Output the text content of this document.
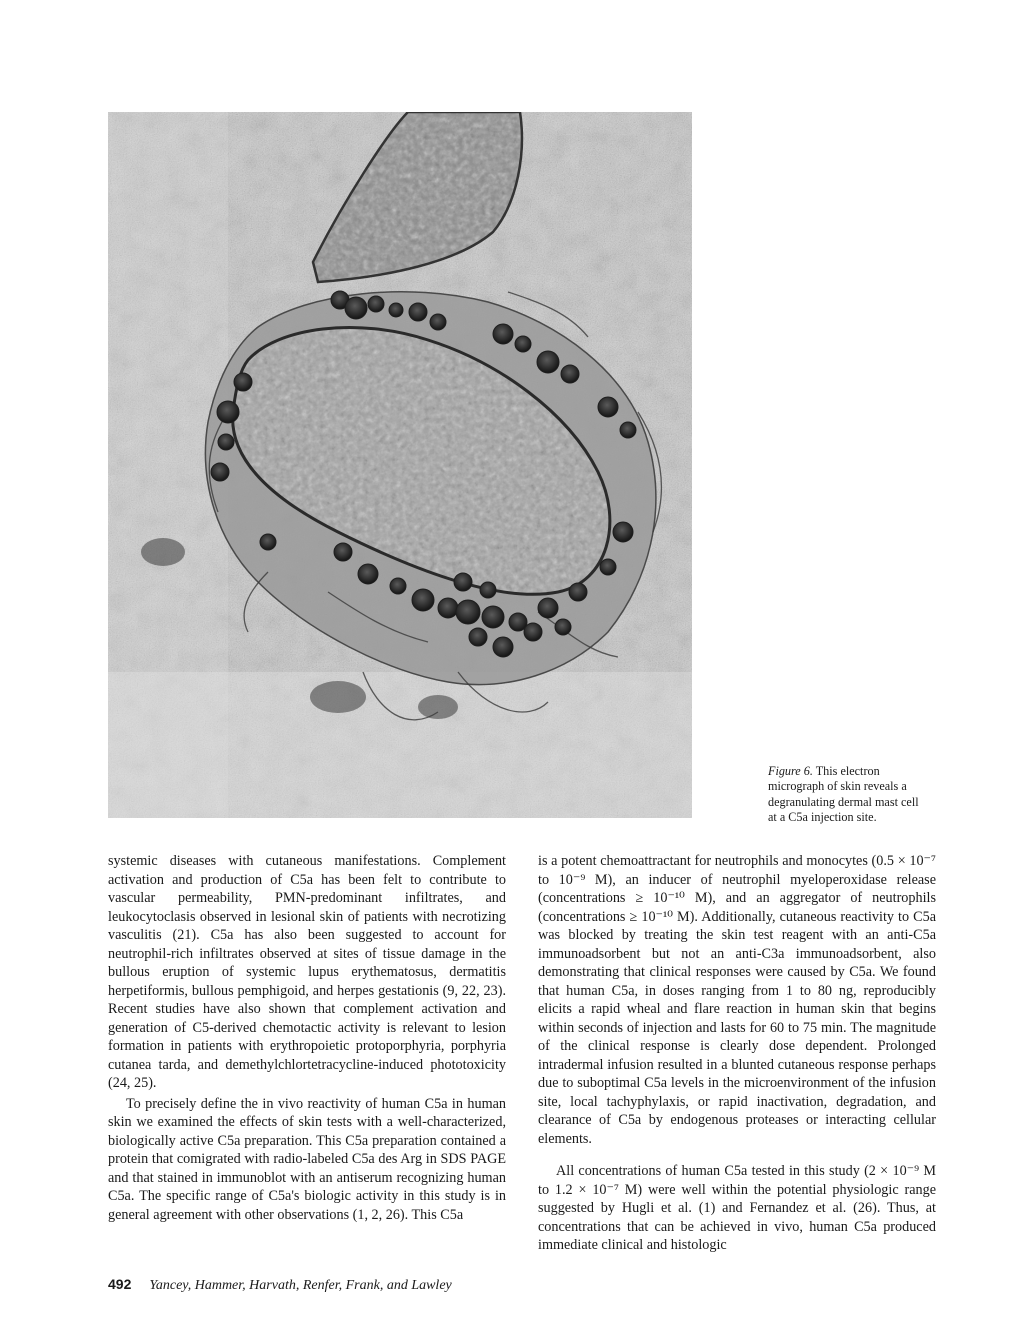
Figure 6. This electron micrograph of skin reveals a degranulating dermal mast cell at a C5a injection site.

systemic diseases with cutaneous manifestations. Complement activation and production of C5a has been felt to contribute to vascular permeability, PMN-predominant infiltrates, and leukocytoclasis observed in lesional skin of patients with necrotizing vasculitis (21). C5a has also been suggested to account for neutrophil-rich infiltrates observed at sites of tissue damage in the bullous eruption of systemic lupus erythematosus, dermatitis herpetiformis, bullous pemphigoid, and herpes gestationis (9, 22, 23). Recent studies have also shown that complement activation and generation of C5-derived chemotactic activity is relevant to lesion formation in patients with erythropoietic protoporphyria, porphyria cutanea tarda, and demethylchlortetracycline-induced phototoxicity (24, 25).

To precisely define the in vivo reactivity of human C5a in human skin we examined the effects of skin tests with a well-characterized, biologically active C5a preparation. This C5a preparation contained a protein that comigrated with radio-labeled C5a des Arg in SDS PAGE and that stained in immunoblot with an antiserum recognizing human C5a. The specific range of C5a's biologic activity in this study is in general agreement with other observations (1, 2, 26). This C5a

is a potent chemoattractant for neutrophils and monocytes (0.5 × 10⁻⁷ to 10⁻⁹ M), an inducer of neutrophil myeloperoxidase release (concentrations ≥ 10⁻¹⁰ M), and an aggregator of neutrophils (concentrations ≥ 10⁻¹⁰ M). Additionally, cutaneous reactivity to C5a was blocked by treating the skin test reagent with an anti-C5a immunoadsorbent but not an anti-C3a immunoadsorbent, also demonstrating that clinical responses were caused by C5a. We found that human C5a, in doses ranging from 1 to 80 ng, reproducibly elicits a rapid wheal and flare reaction in human skin that begins within seconds of injection and lasts for 60 to 75 min. The magnitude of the clinical response is clearly dose dependent. Prolonged intradermal infusion resulted in a blunted cutaneous response perhaps due to suboptimal C5a levels in the microenvironment of the infusion site, local tachyphylaxis, or rapid inactivation, degradation, and clearance of C5a by endogenous proteases or interacting cellular elements.

All concentrations of human C5a tested in this study (2 × 10⁻⁹ M to 1.2 × 10⁻⁷ M) were well within the potential physiologic range suggested by Hugli et al. (1) and Fernandez et al. (26). Thus, at concentrations that can be achieved in vivo, human C5a produced immediate clinical and histologic

492 Yancey, Hammer, Harvath, Renfer, Frank, and Lawley
